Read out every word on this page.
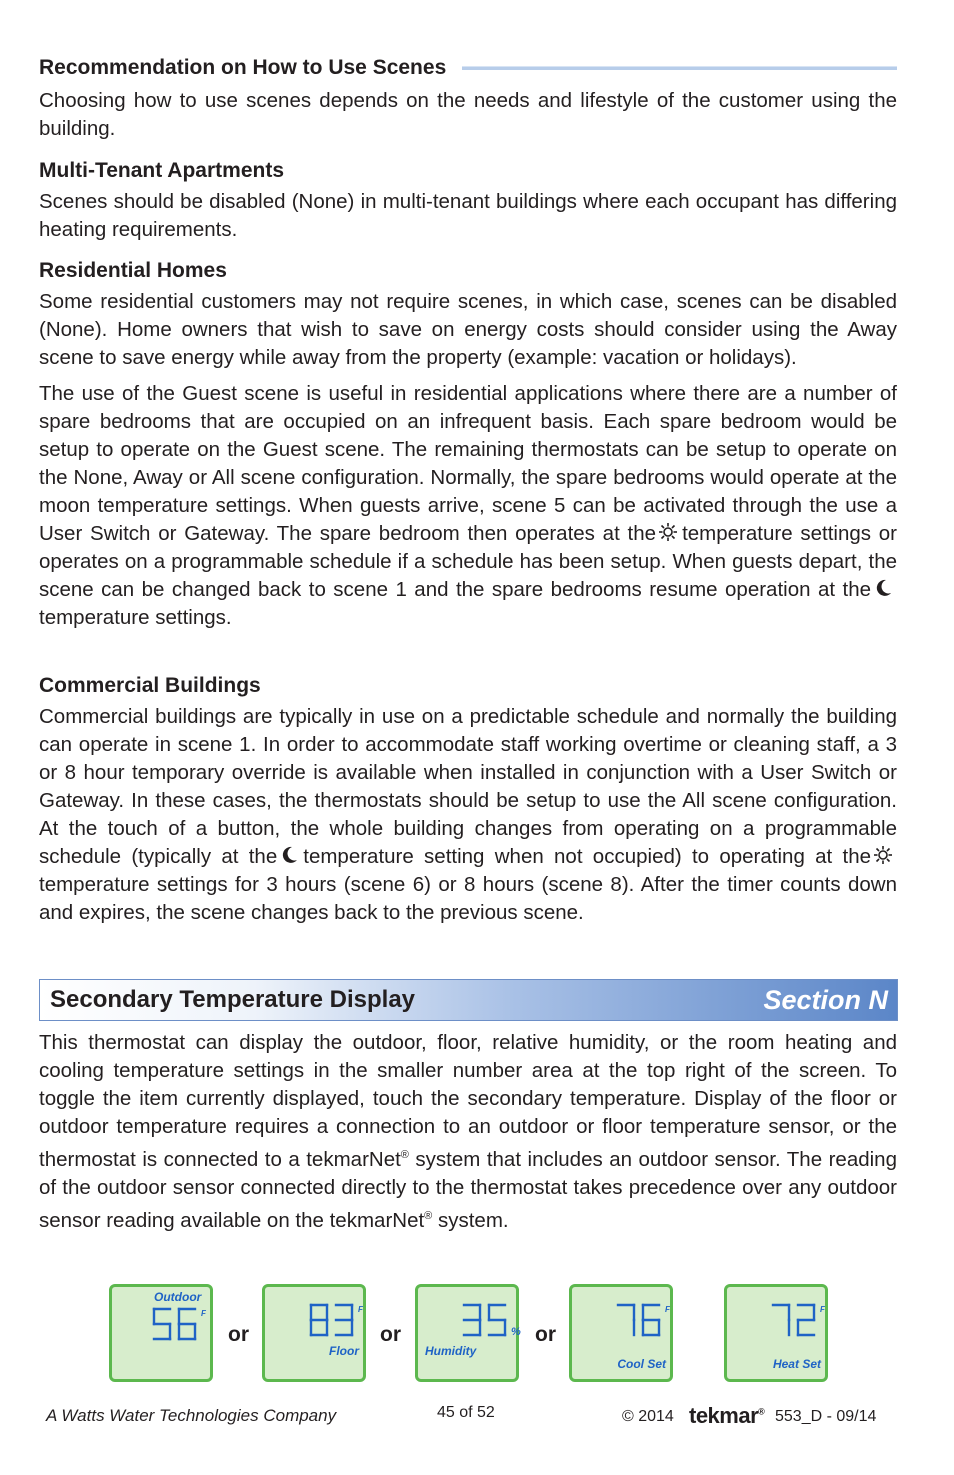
Recommendation on How to Use Scenes

Choosing how to use scenes depends on the needs and lifestyle of the customer using the building.

Multi-Tenant Apartments

Scenes should be disabled (None) in multi-tenant buildings where each occupant has differing heating requirements.

Residential Homes

Some residential customers may not require scenes, in which case, scenes can be disabled (None). Home owners that wish to save on energy costs should consider using the Away scene to save energy while away from the property (example: vacation or holidays).

The use of the Guest scene is useful in residential applications where there are a number of spare bedrooms that are occupied on an infrequent basis. Each spare bedroom would be setup to operate on the Guest scene. The remaining thermostats can be setup to operate on the None, Away or All scene configuration. Normally, the spare bedrooms would operate at the moon temperature settings. When guests arrive, scene 5 can be activated through the use a User Switch or Gateway. The spare bedroom then operates at the temperature settings or operates on a programmable schedule if a schedule has been setup. When guests depart, the scene can be changed back to scene 1 and the spare bedrooms resume operation at thetemperature settings.

Commercial Buildings

Commercial buildings are typically in use on a predictable schedule and normally the building can operate in scene 1. In order to accommodate staff working overtime or cleaning staff, a 3 or 8 hour temporary override is available when installed in conjunction with a User Switch or Gateway. In these cases, the thermostats should be setup to use the All scene configuration. At the touch of a button, the whole building changes from operating on a programmable schedule (typically at the temperature setting when not occupied) to operating at thetemperature settings for 3 hours (scene 6) or 8 hours (scene 8). After the timer counts down and expires, the scene changes back to the previous scene.

This thermostat can display the outdoor, floor, relative humidity, or the room heating and cooling temperature settings in the smaller number area at the top right of the screen. To toggle the item currently displayed, touch the secondary temperature. Display of the floor or outdoor temperature requires a connection to an outdoor or floor temperature sensor, or the thermostat is connected to a tekmarNet® system that includes an outdoor sensor. The reading of the outdoor sensor connected directly to the thermostat takes precedence over any outdoor sensor reading available on the tekmarNet® system.

Secondary Temperature Display	Section N
F
Outdoor
or
F
Floor
or	%
Humidity
or
F
Cool Set
F
Heat Set
A Watts Water Technologies Company	45 of 52	© 2014 tekmar® 553_D - 09/14
